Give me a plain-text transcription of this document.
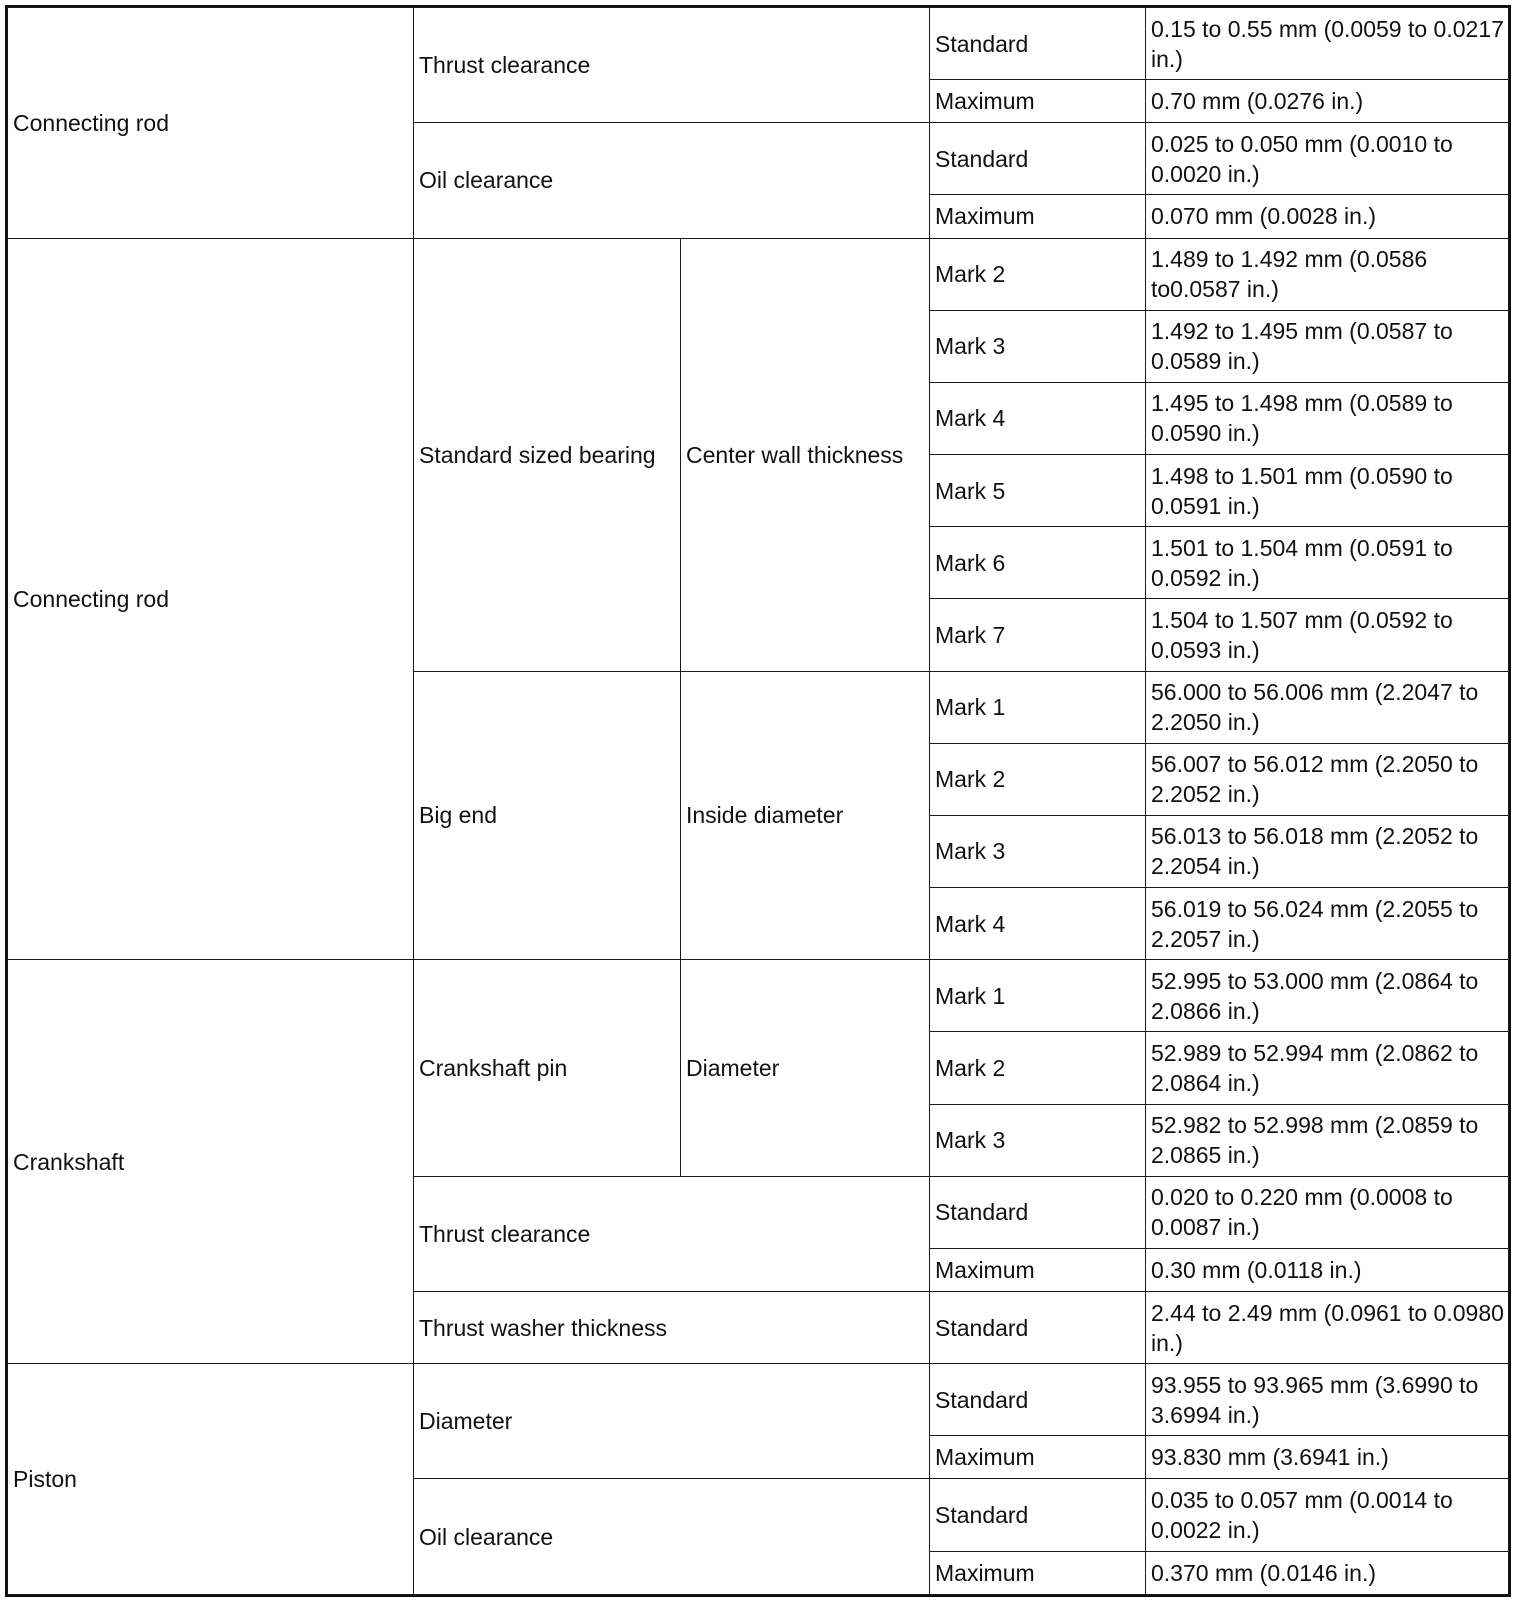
Connecting rod	Thrust clearance		Standard	0.15 to 0.55 mm (0.0059 to 0.0217 in.)
			Maximum	0.70 mm (0.0276 in.)
	Oil clearance		Standard	0.025 to 0.050 mm (0.0010 to 0.0020 in.)
			Maximum	0.070 mm (0.0028 in.)
Connecting rod	Standard sized bearing	Center wall thickness	Mark 2	1.489 to 1.492 mm (0.0586 to0.0587 in.)
			Mark 3	1.492 to 1.495 mm (0.0587 to 0.0589 in.)
			Mark 4	1.495 to 1.498 mm (0.0589 to 0.0590 in.)
			Mark 5	1.498 to 1.501 mm (0.0590 to 0.0591 in.)
			Mark 6	1.501 to 1.504 mm (0.0591 to 0.0592 in.)
			Mark 7	1.504 to 1.507 mm (0.0592 to 0.0593 in.)
	Big end	Inside diameter	Mark 1	56.000 to 56.006 mm (2.2047 to 2.2050 in.)
			Mark 2	56.007 to 56.012 mm (2.2050 to 2.2052 in.)
			Mark 3	56.013 to 56.018 mm (2.2052 to 2.2054 in.)
			Mark 4	56.019 to 56.024 mm (2.2055 to 2.2057 in.)
Crankshaft	Crankshaft pin	Diameter	Mark 1	52.995 to 53.000 mm (2.0864 to 2.0866 in.)
			Mark 2	52.989 to 52.994 mm (2.0862 to 2.0864 in.)
			Mark 3	52.982 to 52.998 mm (2.0859 to 2.0865 in.)
	Thrust clearance		Standard	0.020 to 0.220 mm (0.0008 to 0.0087 in.)
			Maximum	0.30 mm (0.0118 in.)
	Thrust washer thickness		Standard	2.44 to 2.49 mm (0.0961 to 0.0980 in.)
Piston	Diameter		Standard	93.955 to 93.965 mm (3.6990 to 3.6994 in.)
			Maximum	93.830 mm (3.6941 in.)
	Oil clearance		Standard	0.035 to 0.057 mm (0.0014 to 0.0022 in.)
			Maximum	0.370 mm (0.0146 in.)
